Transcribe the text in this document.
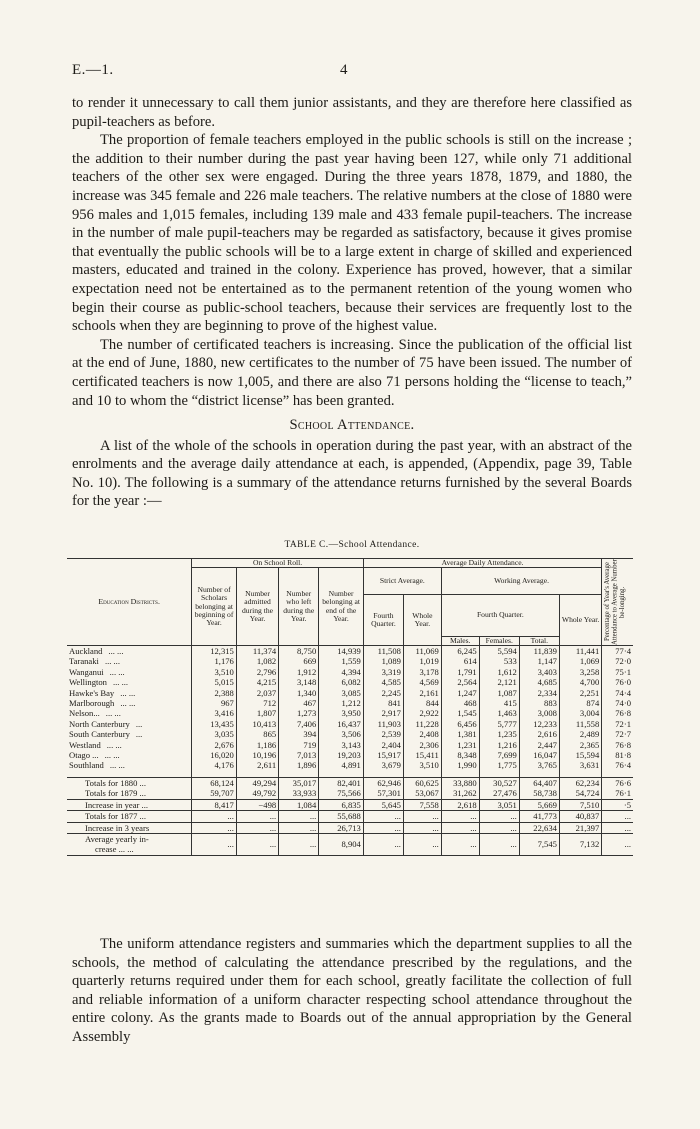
E.—1.	4

to render it unnecessary to call them junior assistants, and they are therefore here classified as pupil-teachers as before.

The proportion of female teachers employed in the public schools is still on the increase ; the addition to their number during the past year having been 127, while only 71 additional teachers of the other sex were engaged. During the three years 1878, 1879, and 1880, the increase was 345 female and 226 male teachers. The relative numbers at the close of 1880 were 956 males and 1,015 females, including 139 male and 433 female pupil-teachers. The increase in the number of male pupil-teachers may be regarded as satisfactory, because it gives promise that eventually the public schools will be to a large extent in charge of skilled and experienced masters, educated and trained in the colony. Experience has proved, however, that a similar expectation need not be entertained as to the permanent retention of the young women who begin their course as public-school teachers, because their services are frequently lost to the schools when they are beginning to prove of the highest value.

The number of certificated teachers is increasing. Since the publication of the official list at the end of June, 1880, new certificates to the number of 75 have been issued. The number of certificated teachers is now 1,005, and there are also 71 persons holding the “license to teach,” and 10 to whom the “district license” has been granted.

School Attendance.

A list of the whole of the schools in operation during the past year, with an abstract of the enrolments and the average daily attendance at each, is appended, (Appendix, page 39, Table No. 10). The following is a summary of the attendance returns furnished by the several Boards for the year :—

TABLE C.—School Attendance.
Education Districts.	On School Roll.				Average Daily Attendance.						Percentage of Year's Average Attendance to Average Number be-longing.

	Number of Scholars belonging at beginning of Year.	Number admitted during the Year.	Number who left during the Year.	Number belonging at end of the Year.	Strict Average.		Working Average.				
					Fourth Quarter.	Whole Year.	Fourth Quarter.			Whole Year.	
							Males.	Females.	Total.		
Auckland ... ...	12,315	11,374	8,750	14,939	11,508	11,069	6,245	5,594	11,839	11,441	77·4
Taranaki ... ...	1,176	1,082	669	1,559	1,089	1,019	614	533	1,147	1,069	72·0
Wanganui ... ...	3,510	2,796	1,912	4,394	3,319	3,178	1,791	1,612	3,403	3,258	75·1
Wellington ... ...	5,015	4,215	3,148	6,082	4,585	4,569	2,564	2,121	4,685	4,700	76·0
Hawke's Bay ... ...	2,388	2,037	1,340	3,085	2,245	2,161	1,247	1,087	2,334	2,251	74·4
Marlborough ... ...	967	712	467	1,212	841	844	468	415	883	874	74·0
Nelson... ... ...	3,416	1,807	1,273	3,950	2,917	2,922	1,545	1,463	3,008	3,004	76·8
North Canterbury ...	13,435	10,413	7,406	16,437	11,903	11,228	6,456	5,777	12,233	11,558	72·1
South Canterbury ...	3,035	865	394	3,506	2,539	2,408	1,381	1,235	2,616	2,489	72·7
Westland ... ...	2,676	1,186	719	3,143	2,404	2,306	1,231	1,216	2,447	2,365	76·8
Otago ... ... ...	16,020	10,196	7,013	19,203	15,917	15,411	8,348	7,699	16,047	15,594	81·8
Southland ... ...	4,176	2,611	1,896	4,891	3,679	3,510	1,990	1,775	3,765	3,631	76·4

Totals for 1880 ...	68,124	49,294	35,017	82,401	62,946	60,625	33,880	30,527	64,407	62,234	76·6
Totals for 1879 ...	59,707	49,792	33,933	75,566	57,301	53,067	31,262	27,476	58,738	54,724	76·1
Increase in year ...	8,417	−498	1,084	6,835	5,645	7,558	2,618	3,051	5,669	7,510	·5
Totals for 1877 ...	...	...	...	55,688	...	...	...	...	41,773	40,837	...
Increase in 3 years	...	...	...	26,713	...	...	...	...	22,634	21,397	...

Average yearly in-
crease ... ...	...	...	...	8,904	...	...	...	...	7,545	7,132	...

The uniform attendance registers and summaries which the department supplies to all the schools, the method of calculating the attendance prescribed by the regulations, and the quarterly returns required under them for each school, greatly facilitate the collection of full and reliable information of a uniform character respecting school attendance throughout the entire colony. As the grants made to Boards out of the annual appropriation by the General Assembly
